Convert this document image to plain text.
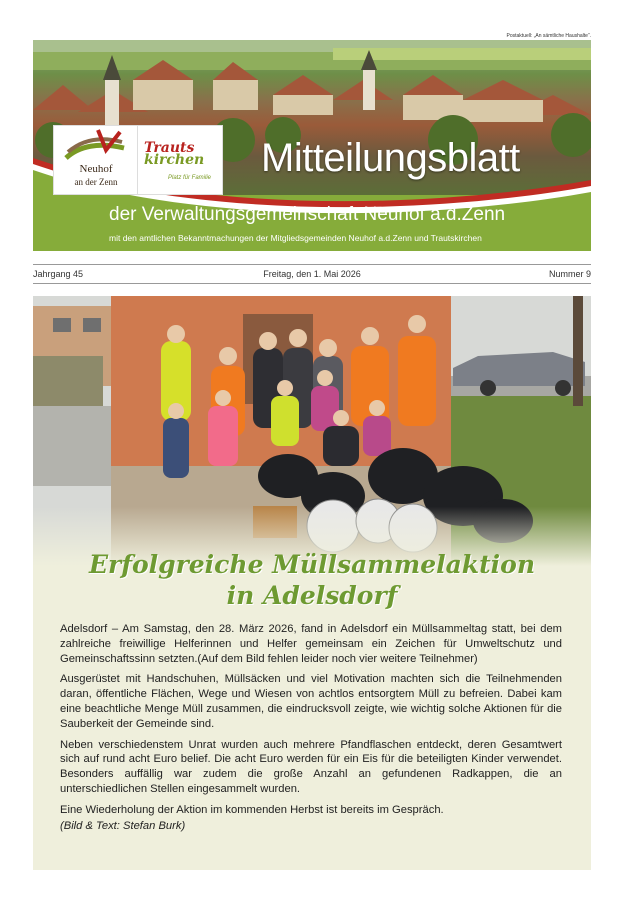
Postaktuell: „An sämtliche Haushalte“.
Neuhof
an der Zenn
Trauts
kirchen
Platz für Familie Mitteilungsblatt
der Verwaltungsgemeinschaft Neuhof a.d.Zenn
mit den amtlichen Bekanntmachungen der Mitgliedsgemeinden Neuhof a.d.Zenn und Trautskirchen
Jahrgang 45	Freitag, den 1. Mai 2026	Nummer 9
Erfolgreiche Müllsammelaktion
in Adelsdorf

Adelsdorf – Am Samstag, den 28. März 2026, fand in Adelsdorf ein Müllsammeltag statt, bei dem zahlreiche freiwillige Helferinnen und Helfer gemeinsam ein Zeichen für Umweltschutz und Gemeinschaftssinn setzten.(Auf dem Bild fehlen leider noch vier weitere Teilnehmer)

Ausgerüstet mit Handschuhen, Müllsäcken und viel Motivation machten sich die Teilnehmenden daran, öffentliche Flächen, Wege und Wiesen von achtlos entsorgtem Müll zu befreien. Dabei kam eine beachtliche Menge Müll zusammen, die eindrucksvoll zeigte, wie wichtig solche Aktionen für die Sauberkeit der Gemeinde sind.

Neben verschiedenstem Unrat wurden auch mehrere Pfandflaschen entdeckt, deren Gesamtwert sich auf rund acht Euro belief. Die acht Euro werden für ein Eis für die beteiligten Kinder verwendet. Besonders auffällig war zudem die große Anzahl an gefundenen Radkappen, die an unterschiedlichen Stellen eingesammelt wurden.

Eine Wiederholung der Aktion im kommenden Herbst ist bereits im Gespräch.

(Bild & Text: Stefan Burk)
